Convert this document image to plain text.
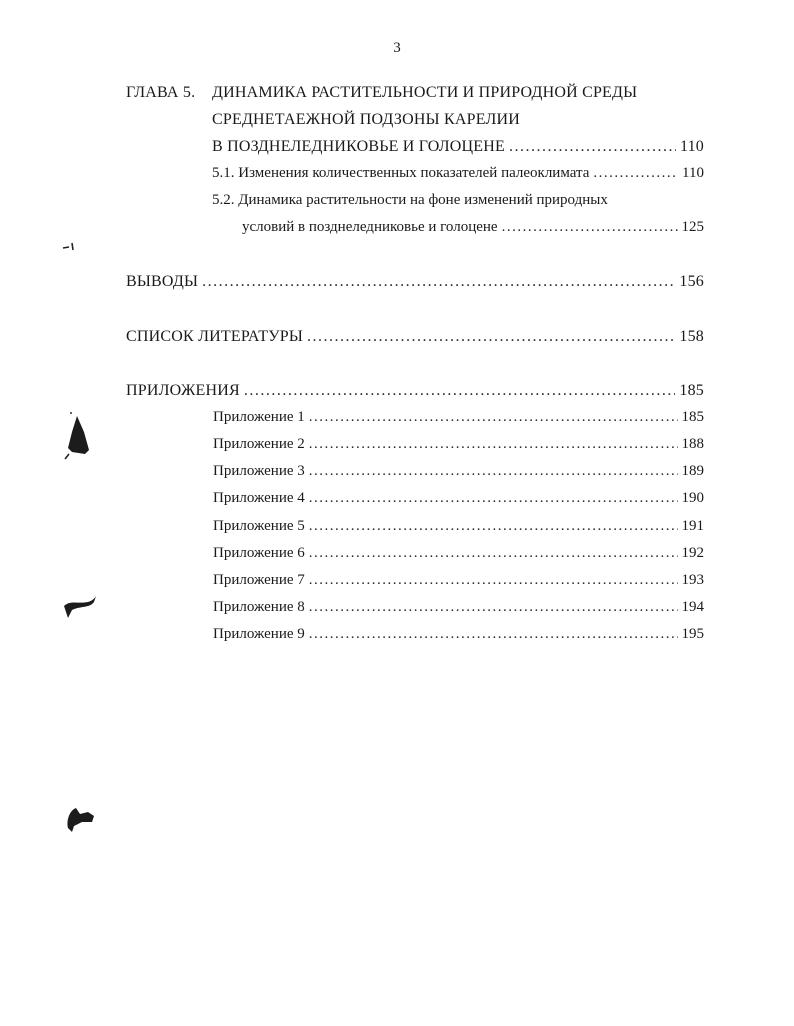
3
ГЛАВА 5. ДИНАМИКА РАСТИТЕЛЬНОСТИ И ПРИРОДНОЙ СРЕДЫ
СРЕДНЕТАЕЖНОЙ ПОДЗОНЫ КАРЕЛИИ
В ПОЗДНЕЛЕДНИКОВЬЕ И ГОЛОЦЕНЕ .....	110
5.1. Изменения количественных показателей палеоклимата .....	110
5.2. Динамика растительности на фоне изменений природных
условий в позднеледниковье и голоцене .....	125
ВЫВОДЫ .....	156
СПИСОК ЛИТЕРАТУРЫ .....	158
ПРИЛОЖЕНИЯ .....	185
Приложение 1 .....	185
Приложение 2 .....	188
Приложение 3 .....	189
Приложение 4 .....	190
Приложение 5 .....	191
Приложение 6 .....	192
Приложение 7 .....	193
Приложение 8 .....	194
Приложение 9 .....	195
